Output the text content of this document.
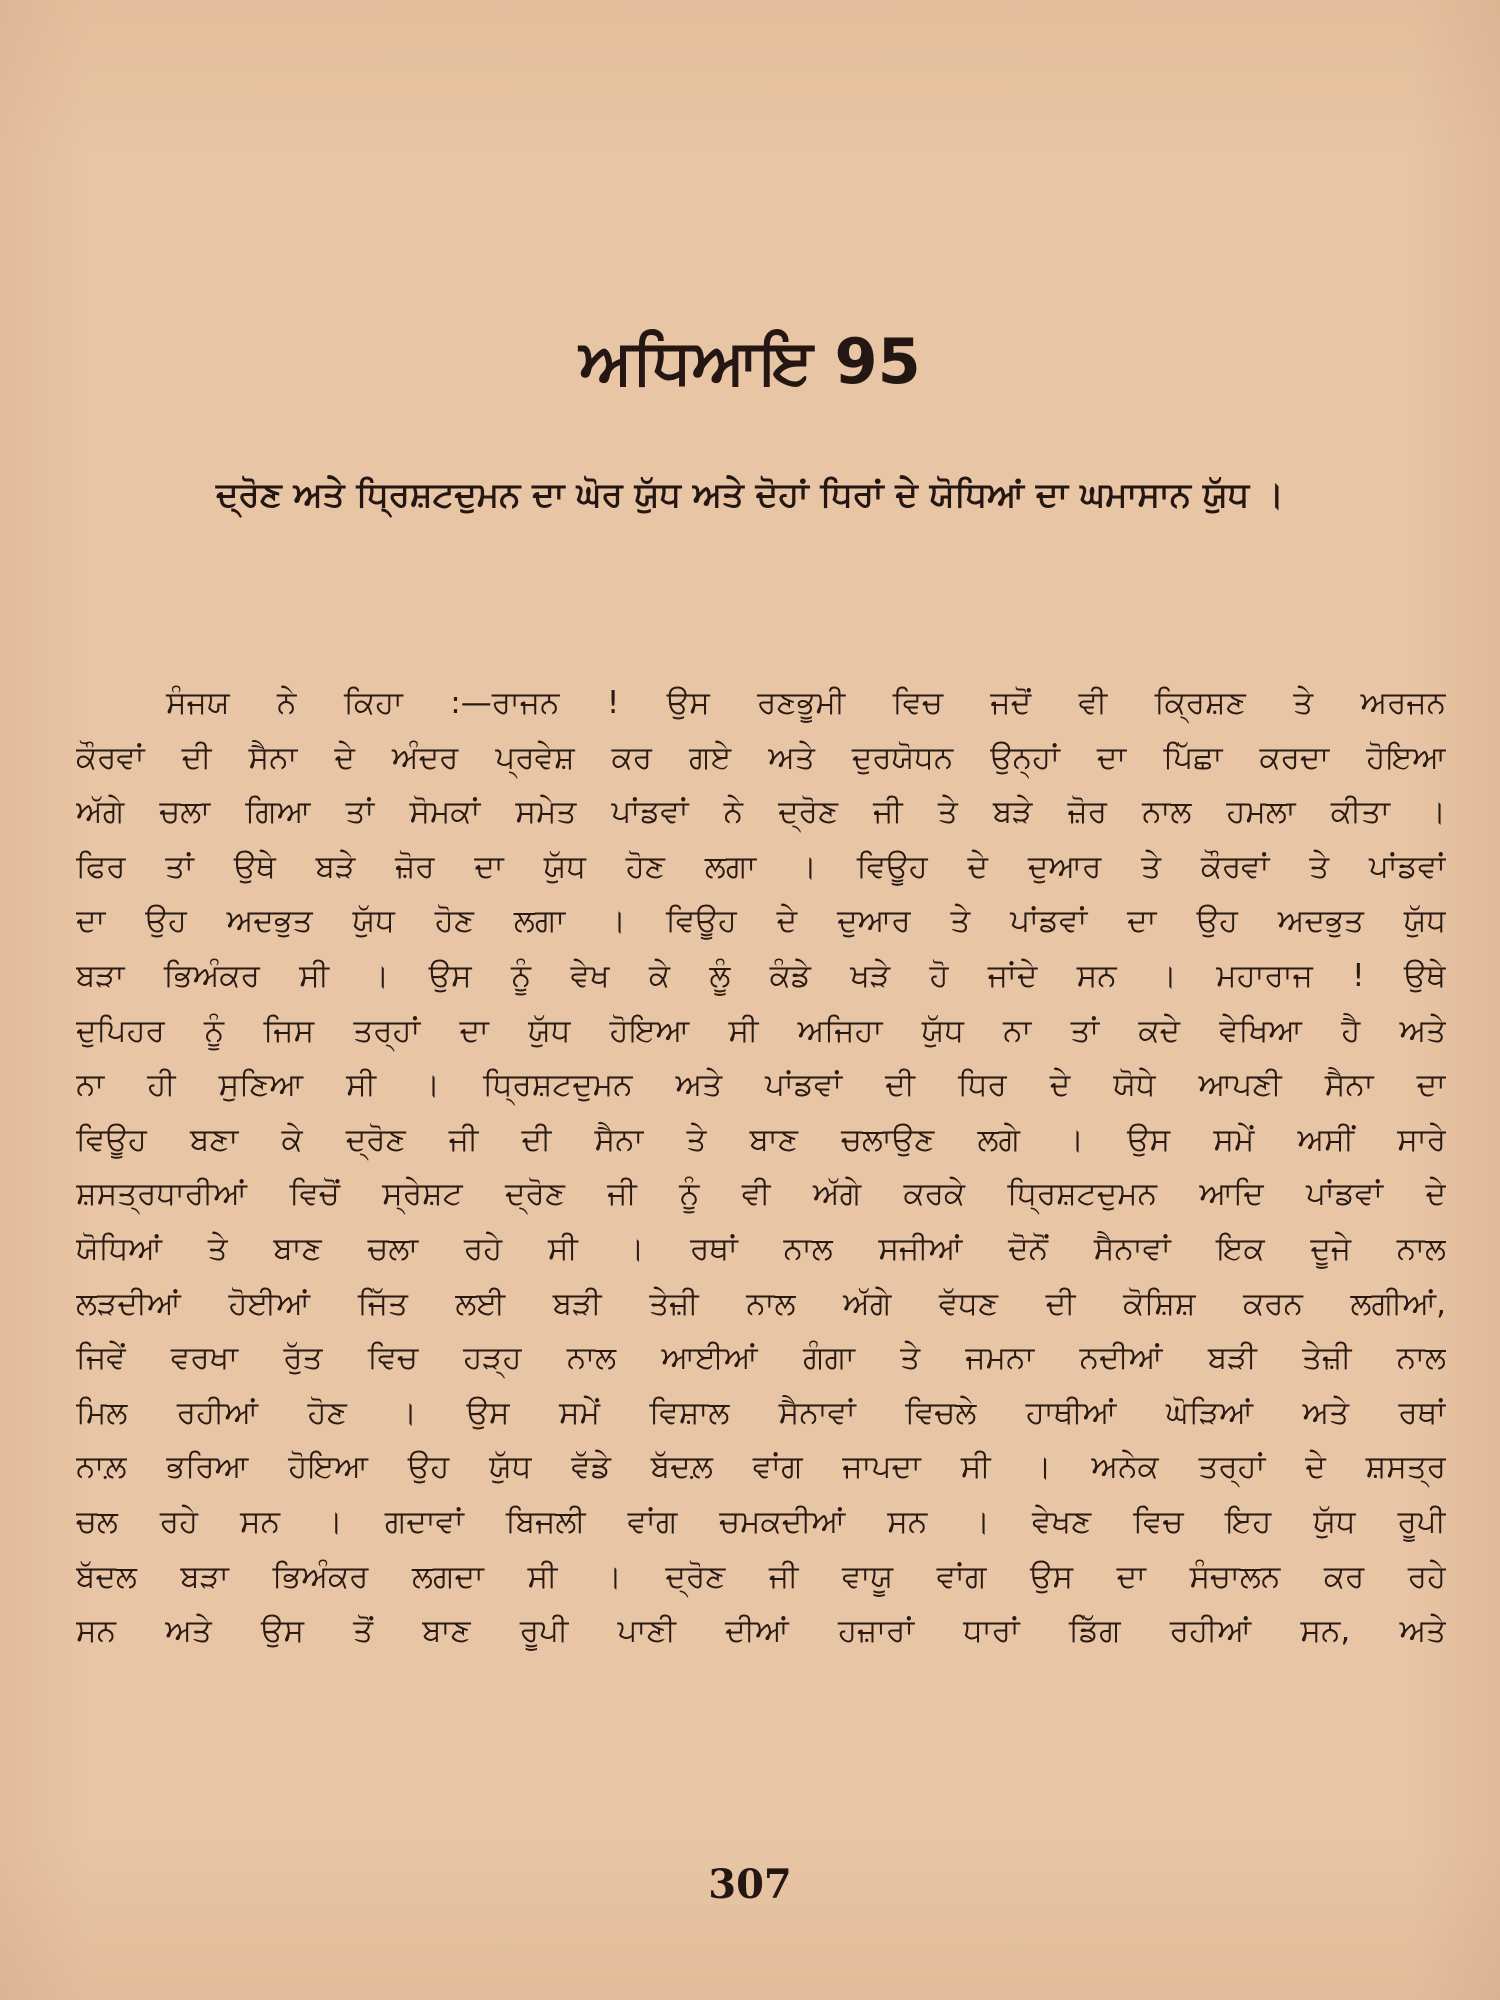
ਅਧਿਆਇ 95
ਦ੍ਰੋਣ ਅਤੇ ਧ੍ਰਿਸ਼ਟਦੁਮਨ ਦਾ ਘੋਰ ਯੁੱਧ ਅਤੇ ਦੋਹਾਂ ਧਿਰਾਂ ਦੇ ਯੋਧਿਆਂ ਦਾ ਘਮਾਸਾਨ ਯੁੱਧ ।
ਸੰਜਯ ਨੇ ਕਿਹਾ :—ਰਾਜਨ ! ਉਸ ਰਣਭੂਮੀ ਵਿਚ ਜਦੋਂ ਵੀ ਕ੍ਰਿਸ਼ਣ ਤੇ ਅਰਜਨ
ਕੌਰਵਾਂ ਦੀ ਸੈਨਾ ਦੇ ਅੰਦਰ ਪ੍ਰਵੇਸ਼ ਕਰ ਗਏ ਅਤੇ ਦੁਰਯੋਧਨ ਉਨ੍ਹਾਂ ਦਾ ਪਿੱਛਾ ਕਰਦਾ ਹੋਇਆ
ਅੱਗੇ ਚਲਾ ਗਿਆ ਤਾਂ ਸੋਮਕਾਂ ਸਮੇਤ ਪਾਂਡਵਾਂ ਨੇ ਦ੍ਰੋਣ ਜੀ ਤੇ ਬੜੇ ਜ਼ੋਰ ਨਾਲ ਹਮਲਾ ਕੀਤਾ ।
ਫਿਰ ਤਾਂ ਉਥੇ ਬੜੇ ਜ਼ੋਰ ਦਾ ਯੁੱਧ ਹੋਣ ਲਗਾ । ਵਿਊਹ ਦੇ ਦੁਆਰ ਤੇ ਕੌਰਵਾਂ ਤੇ ਪਾਂਡਵਾਂ
ਦਾ ਉਹ ਅਦਭੁਤ ਯੁੱਧ ਹੋਣ ਲਗਾ । ਵਿਊਹ ਦੇ ਦੁਆਰ ਤੇ ਪਾਂਡਵਾਂ ਦਾ ਉਹ ਅਦਭੁਤ ਯੁੱਧ
ਬੜਾ ਭਿਅੰਕਰ ਸੀ । ਉਸ ਨੂੰ ਵੇਖ ਕੇ ਲੂੰ ਕੰਡੇ ਖੜੇ ਹੋ ਜਾਂਦੇ ਸਨ । ਮਹਾਰਾਜ ! ਉਥੇ
ਦੁਪਿਹਰ ਨੂੰ ਜਿਸ ਤਰ੍ਹਾਂ ਦਾ ਯੁੱਧ ਹੋਇਆ ਸੀ ਅਜਿਹਾ ਯੁੱਧ ਨਾ ਤਾਂ ਕਦੇ ਵੇਖਿਆ ਹੈ ਅਤੇ
ਨਾ ਹੀ ਸੁਣਿਆ ਸੀ । ਧ੍ਰਿਸ਼ਟਦੁਮਨ ਅਤੇ ਪਾਂਡਵਾਂ ਦੀ ਧਿਰ ਦੇ ਯੋਧੇ ਆਪਣੀ ਸੈਨਾ ਦਾ
ਵਿਊਹ ਬਣਾ ਕੇ ਦ੍ਰੋਣ ਜੀ ਦੀ ਸੈਨਾ ਤੇ ਬਾਣ ਚਲਾਉਣ ਲਗੇ । ਉਸ ਸਮੇਂ ਅਸੀਂ ਸਾਰੇ
ਸ਼ਸਤ੍ਰਧਾਰੀਆਂ ਵਿਚੋਂ ਸ੍ਰੇਸ਼ਟ ਦ੍ਰੋਣ ਜੀ ਨੂੰ ਵੀ ਅੱਗੇ ਕਰਕੇ ਧ੍ਰਿਸ਼ਟਦੁਮਨ ਆਦਿ ਪਾਂਡਵਾਂ ਦੇ
ਯੋਧਿਆਂ ਤੇ ਬਾਣ ਚਲਾ ਰਹੇ ਸੀ । ਰਥਾਂ ਨਾਲ ਸਜੀਆਂ ਦੋਨੋਂ ਸੈਨਾਵਾਂ ਇਕ ਦੂਜੇ ਨਾਲ
ਲੜਦੀਆਂ ਹੋਈਆਂ ਜਿੱਤ ਲਈ ਬੜੀ ਤੇਜ਼ੀ ਨਾਲ ਅੱਗੇ ਵੱਧਣ ਦੀ ਕੋਸ਼ਿਸ਼ ਕਰਨ ਲਗੀਆਂ,
ਜਿਵੇਂ ਵਰਖਾ ਰੁੱਤ ਵਿਚ ਹੜ੍ਹ ਨਾਲ ਆਈਆਂ ਗੰਗਾ ਤੇ ਜਮਨਾ ਨਦੀਆਂ ਬੜੀ ਤੇਜ਼ੀ ਨਾਲ
ਮਿਲ ਰਹੀਆਂ ਹੋਣ । ਉਸ ਸਮੇਂ ਵਿਸ਼ਾਲ ਸੈਨਾਵਾਂ ਵਿਚਲੇ ਹਾਥੀਆਂ ਘੋੜਿਆਂ ਅਤੇ ਰਥਾਂ
ਨਾਲ਼ ਭਰਿਆ ਹੋਇਆ ਉਹ ਯੁੱਧ ਵੱਡੇ ਬੱਦਲ਼ ਵਾਂਗ ਜਾਪਦਾ ਸੀ । ਅਨੇਕ ਤਰ੍ਹਾਂ ਦੇ ਸ਼ਸਤ੍ਰ
ਚਲ ਰਹੇ ਸਨ । ਗਦਾਵਾਂ ਬਿਜਲੀ ਵਾਂਗ ਚਮਕਦੀਆਂ ਸਨ । ਵੇਖਣ ਵਿਚ ਇਹ ਯੁੱਧ ਰੂਪੀ
ਬੱਦਲ ਬੜਾ ਭਿਅੰਕਰ ਲਗਦਾ ਸੀ । ਦ੍ਰੋਣ ਜੀ ਵਾਯੂ ਵਾਂਗ ਉਸ ਦਾ ਸੰਚਾਲਨ ਕਰ ਰਹੇ
ਸਨ ਅਤੇ ਉਸ ਤੋਂ ਬਾਣ ਰੂਪੀ ਪਾਣੀ ਦੀਆਂ ਹਜ਼ਾਰਾਂ ਧਾਰਾਂ ਡਿੱਗ ਰਹੀਆਂ ਸਨ, ਅਤੇ
307
